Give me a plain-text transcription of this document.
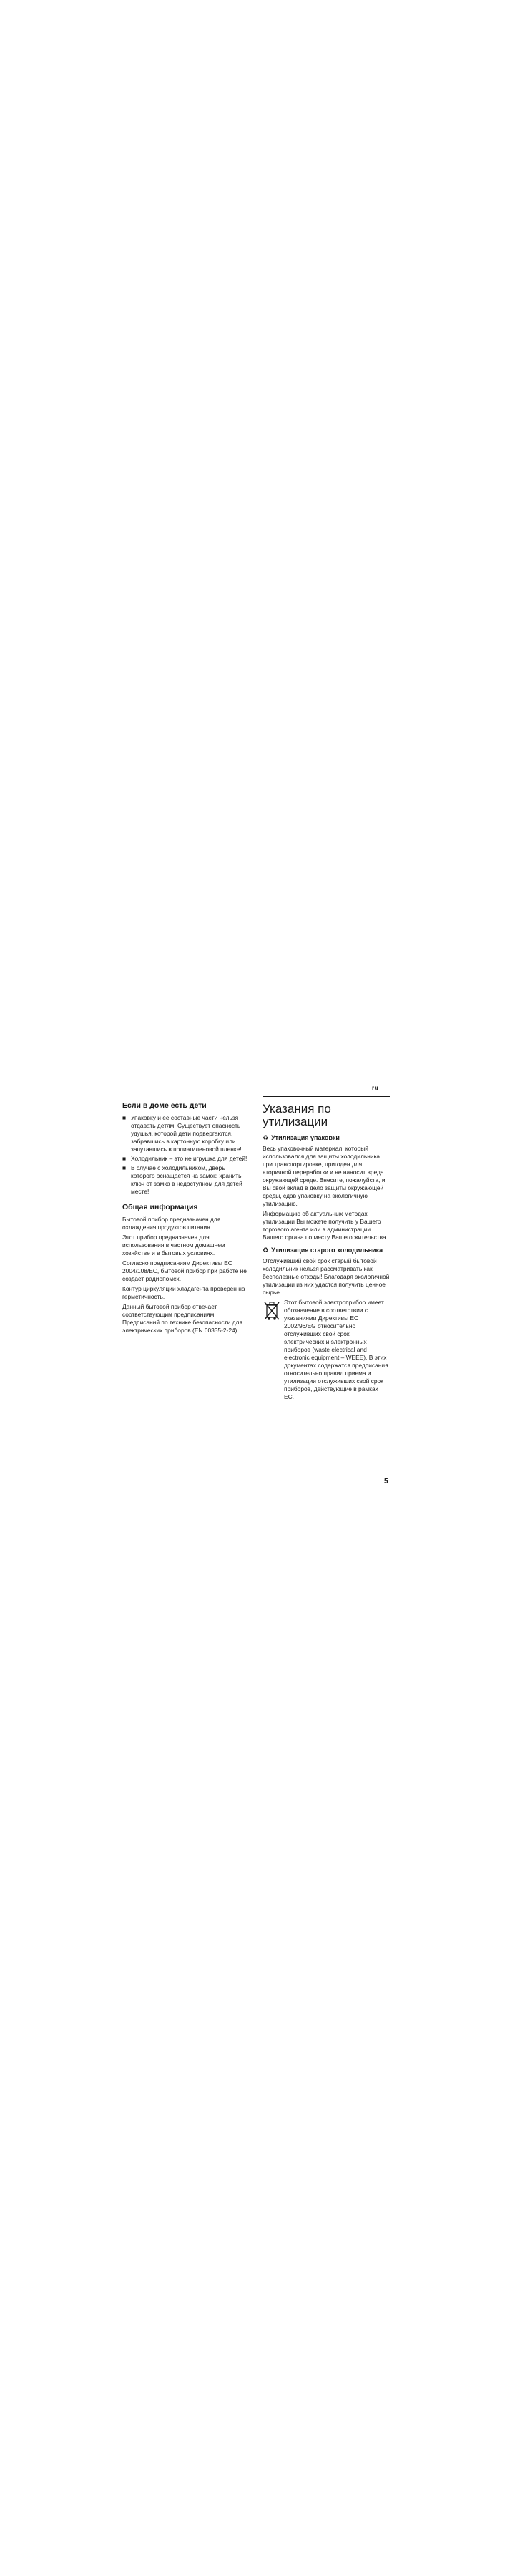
ru
Если в доме есть дети
■ Упаковку и ее составные части нельзя отдавать детям. Существует опасность удушья, которой дети подвергаются, забравшись в картонную коробку или запутавшись в полиэтиленовой пленке!
■ Холодильник – это не игрушка для детей!
■ В случае с холодильником, дверь которого оснащается на замок: хранить ключ от замка в недоступном для детей месте!
Общая информация

Бытовой прибор предназначен для охлаждения продуктов питания.

Этот прибор предназначен для использования в частном домашнем хозяйстве и в бытовых условиях.

Согласно предписаниям Директивы ЕС 2004/108/EC, бытовой прибор при работе не создает радиопомех.

Контур циркуляции хладагента проверен на герметичность.

Данный бытовой прибор отвечает соответствующим предписаниям Предписаний по технике безопасности для электрических приборов (EN 60335-2-24).

Указания по утилизации
♻ Утилизация упаковки

Весь упаковочный материал, который использовался для защиты холодильника при транспортировке, пригоден для вторичной переработки и не наносит вреда окружающей среде. Внесите, пожалуйста, и Вы свой вклад в дело защиты окружающей среды, сдав упаковку на экологичную утилизацию.

Информацию об актуальных методах утилизации Вы можете получить у Вашего торгового агента или в администрации Вашего органа по месту Вашего жительства.

♻ Утилизация старого холодильника

Отслуживший свой срок старый бытовой холодильник нельзя рассматривать как бесполезные отходы! Благодаря экологичной утилизации из них удастся получить ценное сырье.

Этот бытовой электроприбор имеет обозначение в соответствии с указаниями Директивы ЕС 2002/96/EG относительно отслуживших свой срок электрических и электронных приборов (waste electrical and electronic equipment – WEEE). В этих документах содержатся предписания относительно правил приема и утилизации отслуживших свой срок приборов, действующие в рамках ЕС.

5
